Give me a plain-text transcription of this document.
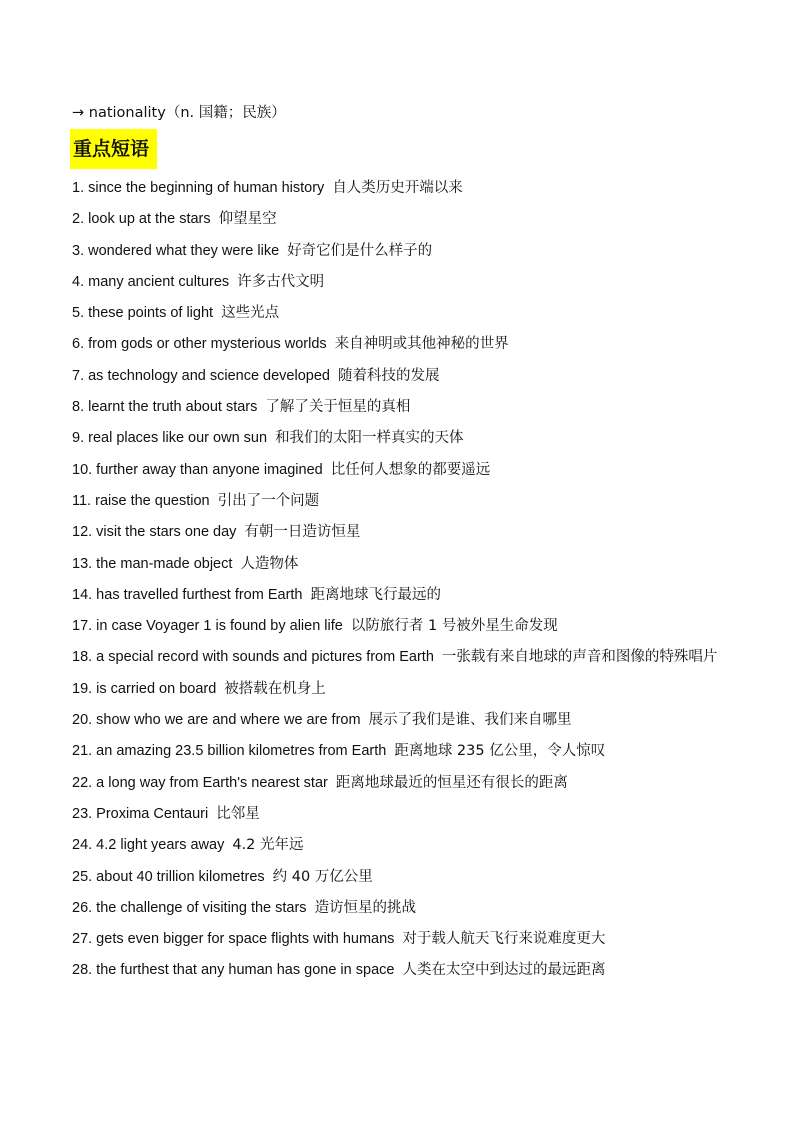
→ nationality（n. 国籍；民族）
重点短语
1. since the beginning of human history 自人类历史开端以来
2. look up at the stars 仰望星空
3. wondered what they were like 好奇它们是什么样子的
4. many ancient cultures 许多古代文明
5. these points of light 这些光点
6. from gods or other mysterious worlds 来自神明或其他神秘的世界
7. as technology and science developed 随着科技的发展
8. learnt the truth about stars 了解了关于恒星的真相
9. real places like our own sun 和我们的太阳一样真实的天体
10. further away than anyone imagined 比任何人想象的都要遥远
11. raise the question 引出了一个问题
12. visit the stars one day 有朝一日造访恒星
13. the man-made object 人造物体
14. has travelled furthest from Earth 距离地球飞行最远的
17. in case Voyager 1 is found by alien life 以防旅行者 1 号被外星生命发现
18. a special record with sounds and pictures from Earth 一张载有来自地球的声音和图像的特殊唱片
19. is carried on board 被搭载在机身上
20. show who we are and where we are from 展示了我们是谁、我们来自哪里
21. an amazing 23.5 billion kilometres from Earth 距离地球 235 亿公里，令人惊叹
22. a long way from Earth's nearest star 距离地球最近的恒星还有很长的距离
23. Proxima Centauri 比邻星
24. 4.2 light years away 4.2 光年远
25. about 40 trillion kilometres 约 40 万亿公里
26. the challenge of visiting the stars 造访恒星的挑战
27. gets even bigger for space flights with humans 对于载人航天飞行来说难度更大
28. the furthest that any human has gone in space 人类在太空中到达过的最远距离
